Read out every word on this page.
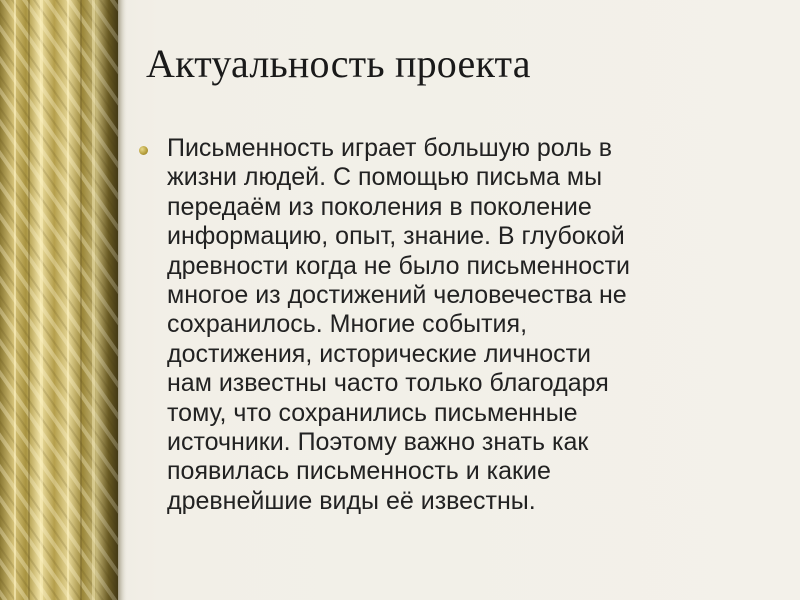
Актуальность проекта

Письменность играет большую роль в
жизни людей. С помощью письма мы
передаём из поколения в поколение
информацию, опыт, знание. В глубокой
древности когда не было письменности
многое из достижений человечества не
сохранилось. Многие события,
достижения, исторические личности
нам известны часто только благодаря
тому, что сохранились письменные
источники. Поэтому важно знать как
появилась письменность и какие
древнейшие виды её известны.
